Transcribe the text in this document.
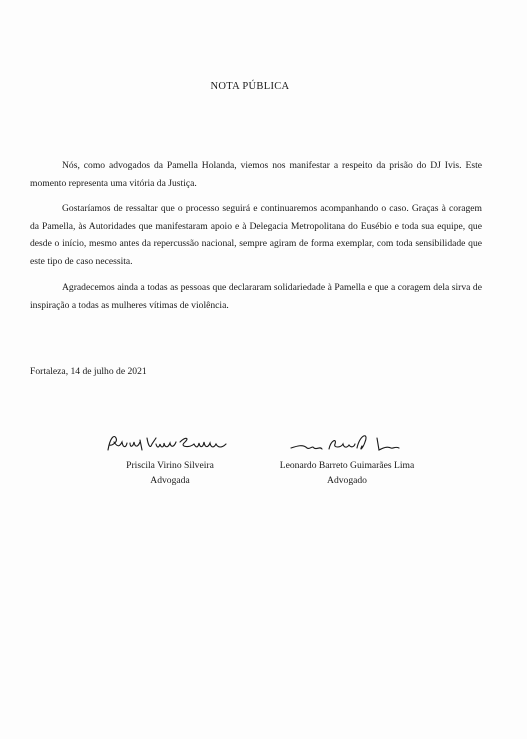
NOTA PÚBLICA

Nós, como advogados da Pamella Holanda, viemos nos manifestar a respeito da prisão do DJ Ivis. Este momento representa uma vitória da Justiça.

Gostaríamos de ressaltar que o processo seguirá e continuaremos acompanhando o caso. Graças à coragem da Pamella, às Autoridades que manifestaram apoio e à Delegacia Metropolitana do Eusébio e toda sua equipe, que desde o início, mesmo antes da repercussão nacional, sempre agiram de forma exemplar, com toda sensibilidade que este tipo de caso necessita.

Agradecemos ainda a todas as pessoas que declararam solidariedade à Pamella e que a coragem dela sirva de inspiração a todas as mulheres vítimas de violência.

Fortaleza, 14 de julho de 2021
Priscila Virino Silveira
Advogada
Leonardo Barreto Guimarães Lima
Advogado
